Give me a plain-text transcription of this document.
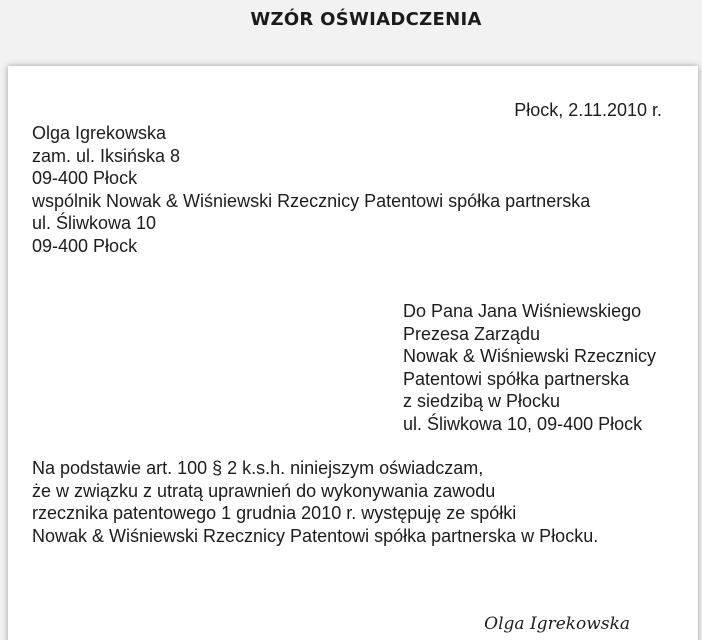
WZÓR OŚWIADCZENIA
Płock, 2.11.2010 r.
Olga Igrekowska
zam. ul. Iksińska 8
09-400 Płock
wspólnik Nowak & Wiśniewski Rzecznicy Patentowi spółka partnerska
ul. Śliwkowa 10
09-400 Płock
Do Pana Jana Wiśniewskiego
Prezesa Zarządu
Nowak & Wiśniewski Rzecznicy
Patentowi spółka partnerska
z siedzibą w Płocku
ul. Śliwkowa 10, 09-400 Płock
Na podstawie art. 100 § 2 k.s.h. niniejszym oświadczam,
że w związku z utratą uprawnień do wykonywania zawodu
rzecznika patentowego 1 grudnia 2010 r. występuję ze spółki
Nowak & Wiśniewski Rzecznicy Patentowi spółka partnerska w Płocku.
Olga Igrekowska
